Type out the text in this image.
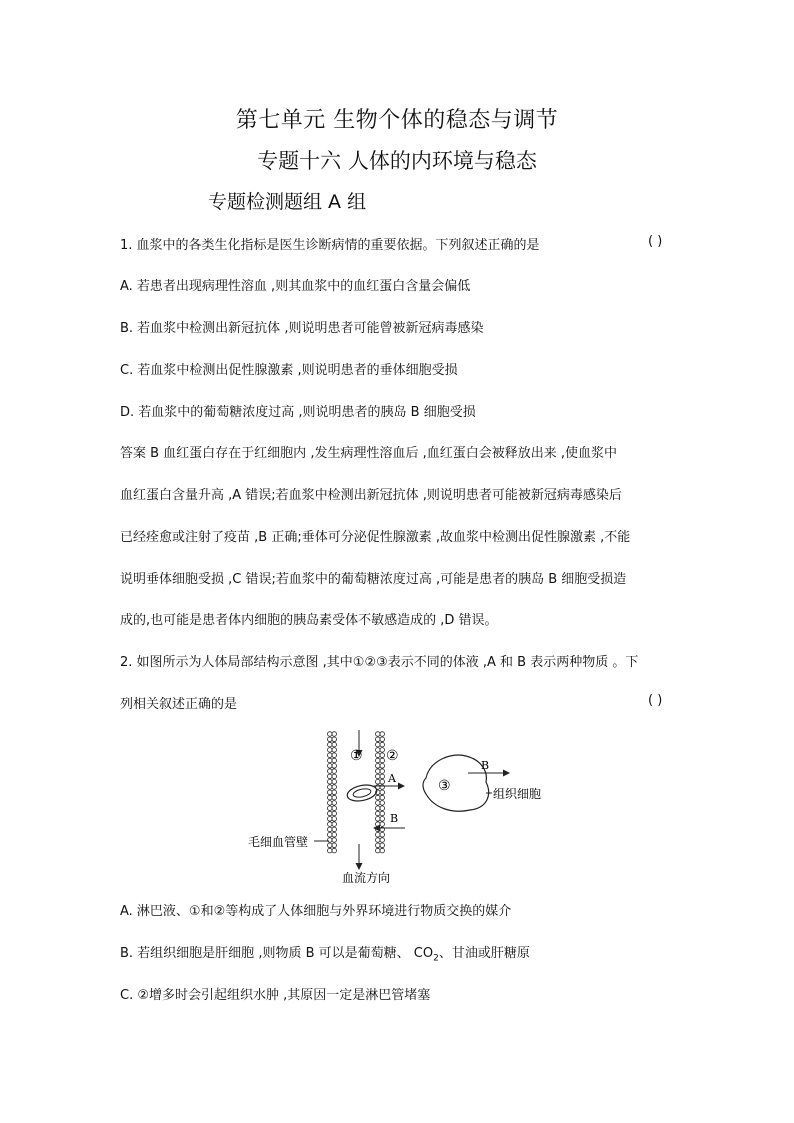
第七单元 生物个体的稳态与调节
专题十六 人体的内环境与稳态
专题检测题组 A 组
1. 血浆中的各类生化指标是医生诊断病情的重要依据。下列叙述正确的是	( )
A. 若患者出现病理性溶血 ,则其血浆中的血红蛋白含量会偏低
B. 若血浆中检测出新冠抗体 ,则说明患者可能曾被新冠病毒感染
C. 若血浆中检测出促性腺激素 ,则说明患者的垂体细胞受损
D. 若血浆中的葡萄糖浓度过高 ,则说明患者的胰岛 B 细胞受损
答案 B 血红蛋白存在于红细胞内 ,发生病理性溶血后 ,血红蛋白会被释放出来 ,使血浆中
血红蛋白含量升高 ,A 错误;若血浆中检测出新冠抗体 ,则说明患者可能被新冠病毒感染后
已经痊愈或注射了疫苗 ,B 正确;垂体可分泌促性腺激素 ,故血浆中检测出促性腺激素 ,不能
说明垂体细胞受损 ,C 错误;若血浆中的葡萄糖浓度过高 ,可能是患者的胰岛 B 细胞受损造
成的,也可能是患者体内细胞的胰岛素受体不敏感造成的 ,D 错误。
2. 如图所示为人体局部结构示意图 ,其中①②③表示不同的体液 ,A 和 B 表示两种物质 。下
列相关叙述正确的是	( )
① ②
A
B
血流方向
毛细血管壁
③
B
组织细胞
A. 淋巴液、①和②等构成了人体细胞与外界环境进行物质交换的媒介
B. 若组织细胞是肝细胞 ,则物质 B 可以是葡萄糖、 $CO_2$、甘油或肝糖原
C. ②增多时会引起组织水肿 ,其原因一定是淋巴管堵塞
